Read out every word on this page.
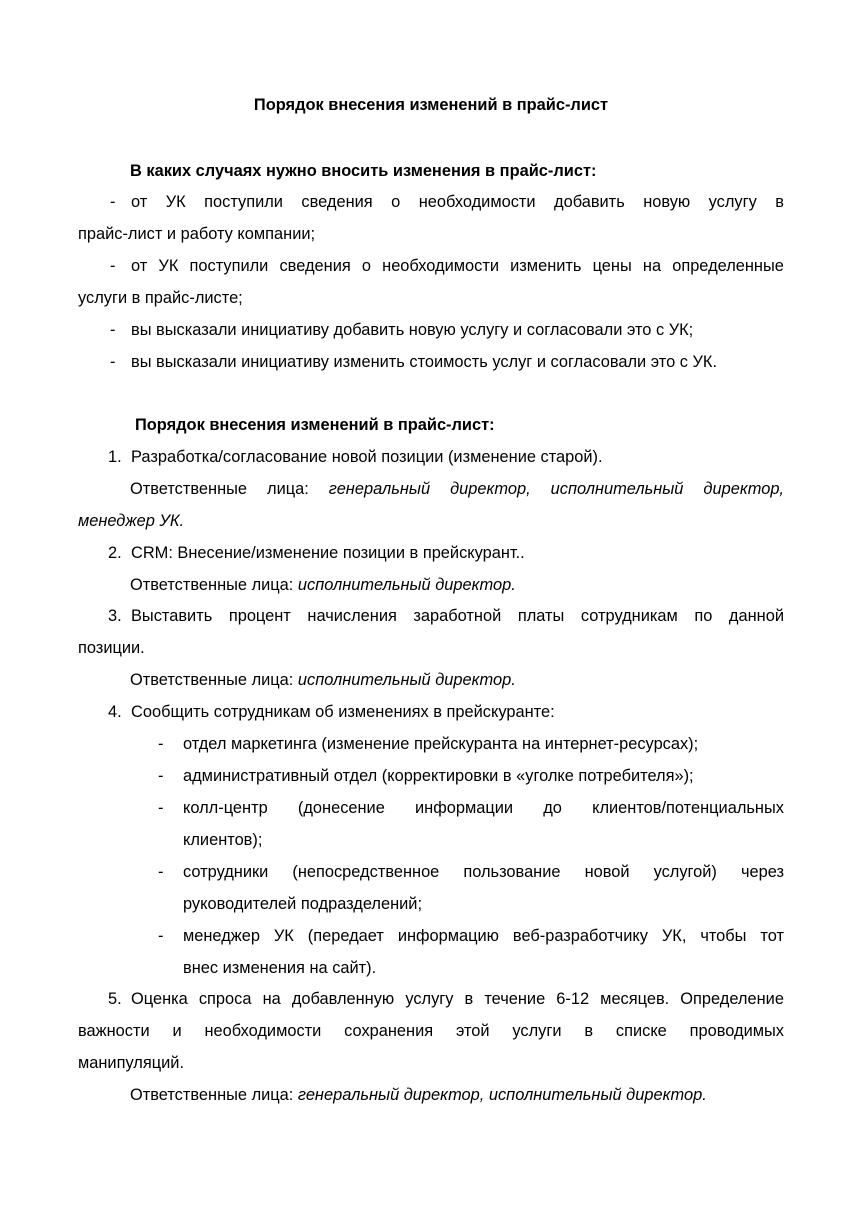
Порядок внесения изменений в прайс-лист
В каких случаях нужно вносить изменения в прайс-лист:
- от УК поступили сведения о необходимости добавить новую услугу в
прайс-лист и работу компании;
- от УК поступили сведения о необходимости изменить цены на определенные
услуги в прайс-листе;
- вы высказали инициативу добавить новую услугу и согласовали это с УК;
- вы высказали инициативу изменить стоимость услуг и согласовали это с УК.
Порядок внесения изменений в прайс-лист:
1. Разработка/согласование новой позиции (изменение старой).
Ответственные лица: генеральный директор, исполнительный директор,
менеджер УК.
2. CRM: Внесение/изменение позиции в прейскурант..
Ответственные лица: исполнительный директор.
3. Выставить процент начисления заработной платы сотрудникам по данной
позиции.
Ответственные лица: исполнительный директор.
4. Сообщить сотрудникам об изменениях в прейскуранте:
- отдел маркетинга (изменение прейскуранта на интернет-ресурсах);
- административный отдел (корректировки в «уголке потребителя»);
- колл-центр (донесение информации до клиентов/потенциальных
клиентов);
- сотрудники (непосредственное пользование новой услугой) через
руководителей подразделений;
- менеджер УК (передает информацию веб-разработчику УК, чтобы тот
внес изменения на сайт).
5. Оценка спроса на добавленную услугу в течение 6-12 месяцев. Определение
важности и необходимости сохранения этой услуги в списке проводимых
манипуляций.
Ответственные лица: генеральный директор, исполнительный директор.
